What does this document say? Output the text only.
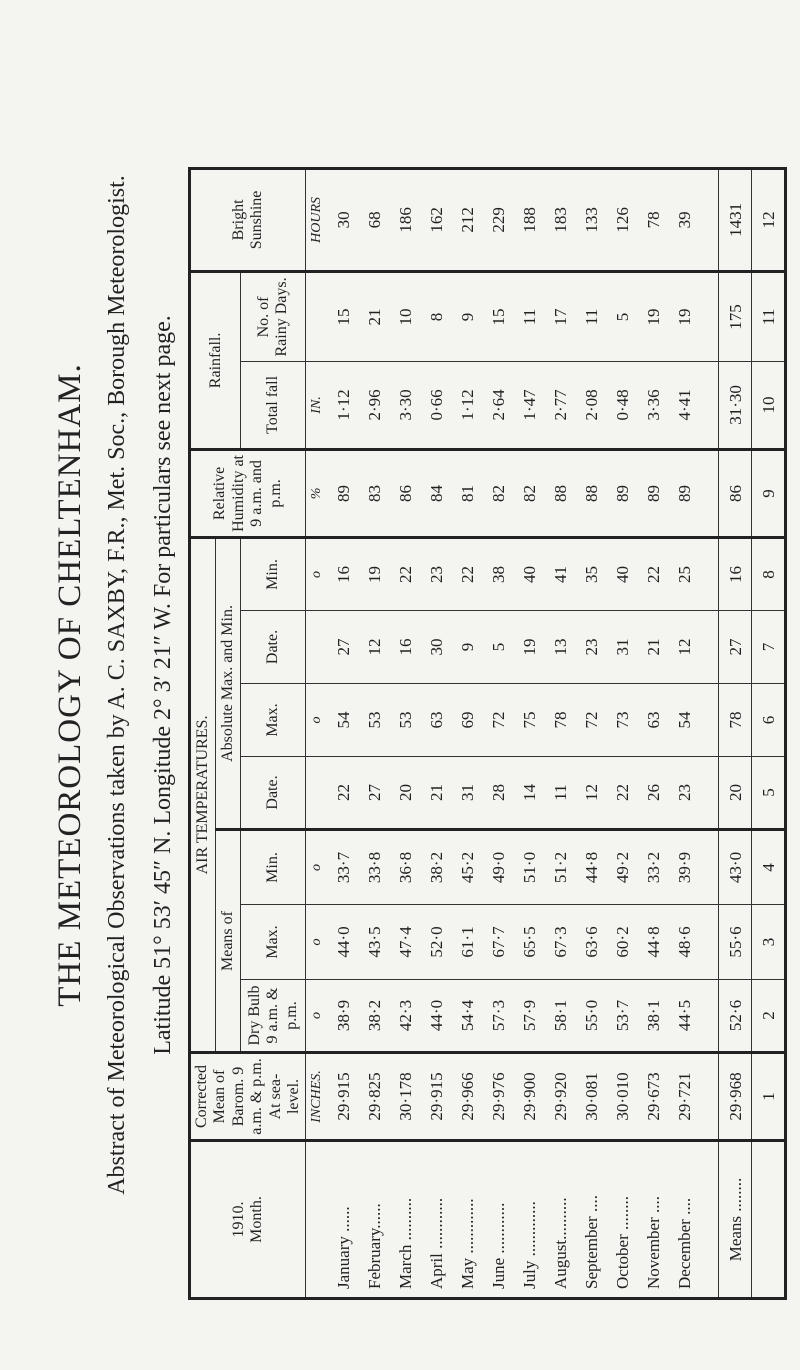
THE METEOROLOGY OF CHELTENHAM. Abstract of Meteorological Observations taken by A. C. SAXBY, F.R., Met. Soc., Borough Meteorologist. Latitude 51° 53′ 45″ N. Longitude 2° 3′ 21″ W. For particulars see next page.
1910. Month.	Corrected Mean of Barom. 9 a.m. & p.m. At sea-level.	AIR TEMPERATURES.							Relative Humidity at 9 a.m. and p.m.	Rainfall.		Bright Sunshine
		Means of			Absolute Max. and Min.							
		Dry Bulb 9 a.m. & p.m.	Max.	Min.	Date.	Max.	Date.	Min.		Total fall	No. of Rainy Days.	
	INCHES.	o	o	o		o		o	%	IN.		HOURS
January ......	29·915	38·9	44·0	33·7	22	54	27	16	89	1·12	15	30
February......	29·825	38·2	43·5	33·8	27	53	12	19	83	2·96	21	68
March ..........	30·178	42·3	47·4	36·8	20	53	16	22	86	3·30	10	186
April ............	29·915	44·0	52·0	38·2	21	63	30	23	84	0·66	8	162
May .............	29·966	54·4	61·1	45·2	31	69	9	22	81	1·12	9	212
June ............	29·976	57·3	67·7	49·0	28	72	5	38	82	2·64	15	229
July .............	29·900	57·9	65·5	51·0	14	75	19	40	82	1·47	11	188
August..........	29·920	58·1	67·3	51·2	11	78	13	41	88	2·77	17	183
September ....	30·081	55·0	63·6	44·8	12	72	23	35	88	2·08	11	133
October ........	30·010	53·7	60·2	49·2	22	73	31	40	89	0·48	5	126
November ....	29·673	38·1	44·8	33·2	26	63	21	22	89	3·36	19	78
December ....	29·721	44·5	48·6	39·9	23	54	12	25	89	4·41	19	39

Means ........	29·968	52·6	55·6	43·0	20	78	27	16	86	31·30	175	1431
	1	2	3	4	5	6	7	8	9	10	11	12
